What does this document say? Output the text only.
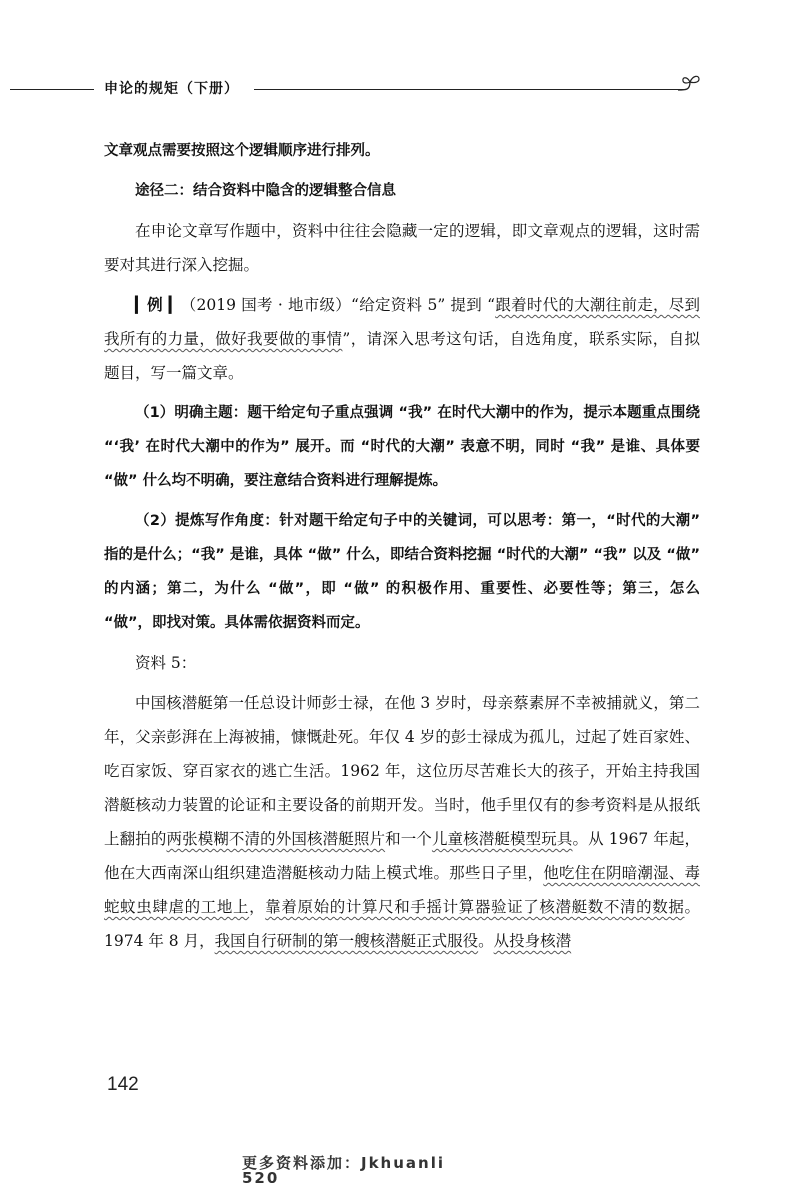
申论的规矩（下册）

文章观点需要按照这个逻辑顺序进行排列。

途径二：结合资料中隐含的逻辑整合信息

在申论文章写作题中，资料中往往会隐藏一定的逻辑，即文章观点的逻辑，这时需要对其进行深入挖掘。

▎例 ▎（2019 国考 · 地市级）“给定资料 5” 提到 “跟着时代的大潮往前走，尽到我所有的力量，做好我要做的事情”，请深入思考这句话，自选角度，联系实际，自拟题目，写一篇文章。

（1）明确主题：题干给定句子重点强调 “我” 在时代大潮中的作为，提示本题重点围绕 “‘我’ 在时代大潮中的作为” 展开。而 “时代的大潮” 表意不明，同时 “我” 是谁、具体要 “做” 什么均不明确，要注意结合资料进行理解提炼。

（2）提炼写作角度：针对题干给定句子中的关键词，可以思考：第一，“时代的大潮” 指的是什么；“我” 是谁，具体 “做” 什么，即结合资料挖掘 “时代的大潮” “我” 以及 “做” 的内涵；第二，为什么 “做”，即 “做” 的积极作用、重要性、必要性等；第三，怎么 “做”，即找对策。具体需依据资料而定。

资料 5：

中国核潜艇第一任总设计师彭士禄，在他 3 岁时，母亲蔡素屏不幸被捕就义，第二年，父亲彭湃在上海被捕，慷慨赴死。年仅 4 岁的彭士禄成为孤儿，过起了姓百家姓、吃百家饭、穿百家衣的逃亡生活。1962 年，这位历尽苦难长大的孩子，开始主持我国潜艇核动力装置的论证和主要设备的前期开发。当时，他手里仅有的参考资料是从报纸上翻拍的两张模糊不清的外国核潜艇照片和一个儿童核潜艇模型玩具。从 1967 年起，他在大西南深山组织建造潜艇核动力陆上模式堆。那些日子里，他吃住在阴暗潮湿、毒蛇蚊虫肆虐的工地上，靠着原始的计算尺和手摇计算器验证了核潜艇数不清的数据。1974 年 8 月，我国自行研制的第一艘核潜艇正式服役。从投身核潜

142
更多资料添加：Jkhuanli 520
